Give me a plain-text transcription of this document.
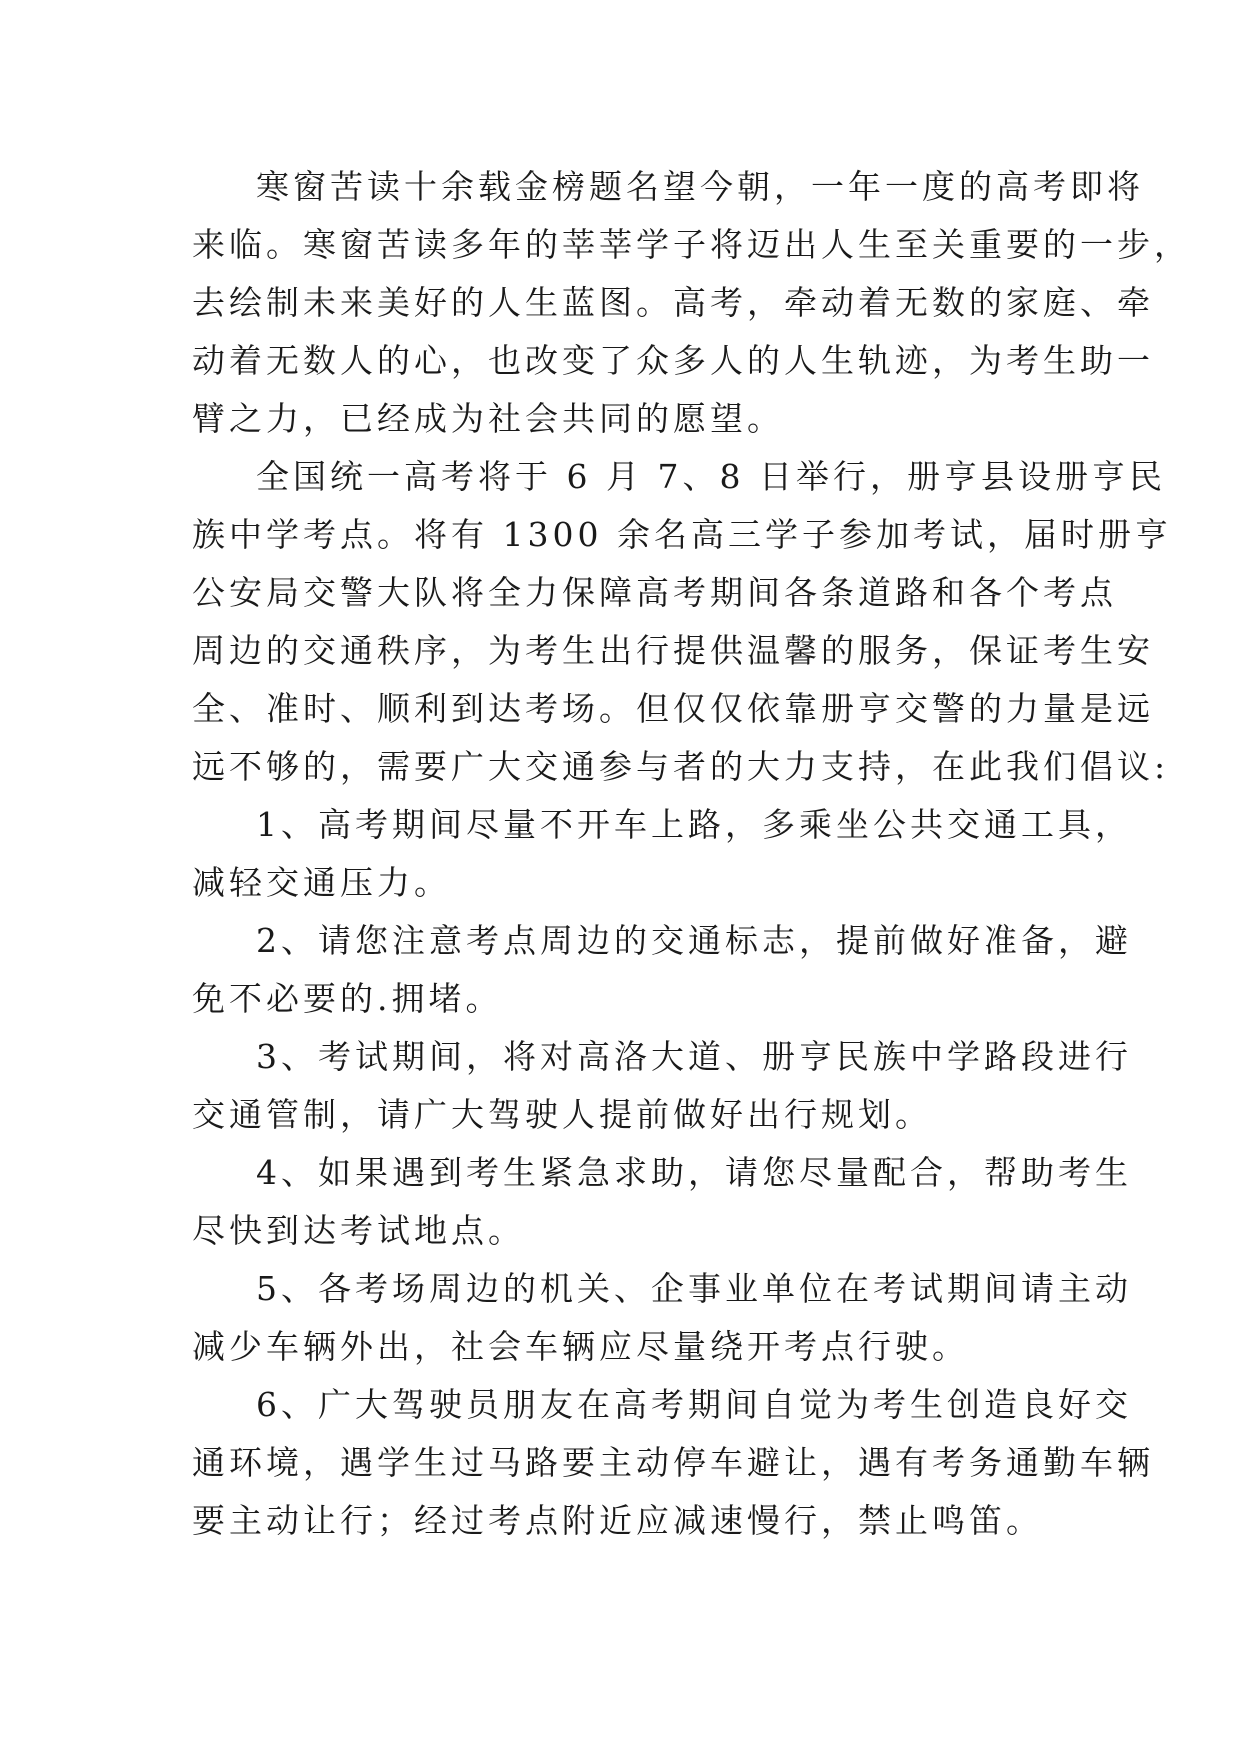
寒窗苦读十余载金榜题名望今朝，一年一度的高考即将
来临。寒窗苦读多年的莘莘学子将迈出人生至关重要的一步，
去绘制未来美好的人生蓝图。高考，牵动着无数的家庭、牵
动着无数人的心，也改变了众多人的人生轨迹，为考生助一
臂之力，已经成为社会共同的愿望。
全国统一高考将于 6 月 7、8 日举行，册亨县设册亨民
族中学考点。将有 1300 余名高三学子参加考试，届时册亨
公安局交警大队将全力保障高考期间各条道路和各个考点
周边的交通秩序，为考生出行提供温馨的服务，保证考生安
全、准时、顺利到达考场。但仅仅依靠册亨交警的力量是远
远不够的，需要广大交通参与者的大力支持，在此我们倡议:
1、高考期间尽量不开车上路，多乘坐公共交通工具，
减轻交通压力。
2、请您注意考点周边的交通标志，提前做好准备，避
免不必要的.拥堵。
3、考试期间，将对高洛大道、册亨民族中学路段进行
交通管制，请广大驾驶人提前做好出行规划。
4、如果遇到考生紧急求助，请您尽量配合，帮助考生
尽快到达考试地点。
5、各考场周边的机关、企事业单位在考试期间请主动
减少车辆外出，社会车辆应尽量绕开考点行驶。
6、广大驾驶员朋友在高考期间自觉为考生创造良好交
通环境，遇学生过马路要主动停车避让，遇有考务通勤车辆
要主动让行；经过考点附近应减速慢行，禁止鸣笛。
